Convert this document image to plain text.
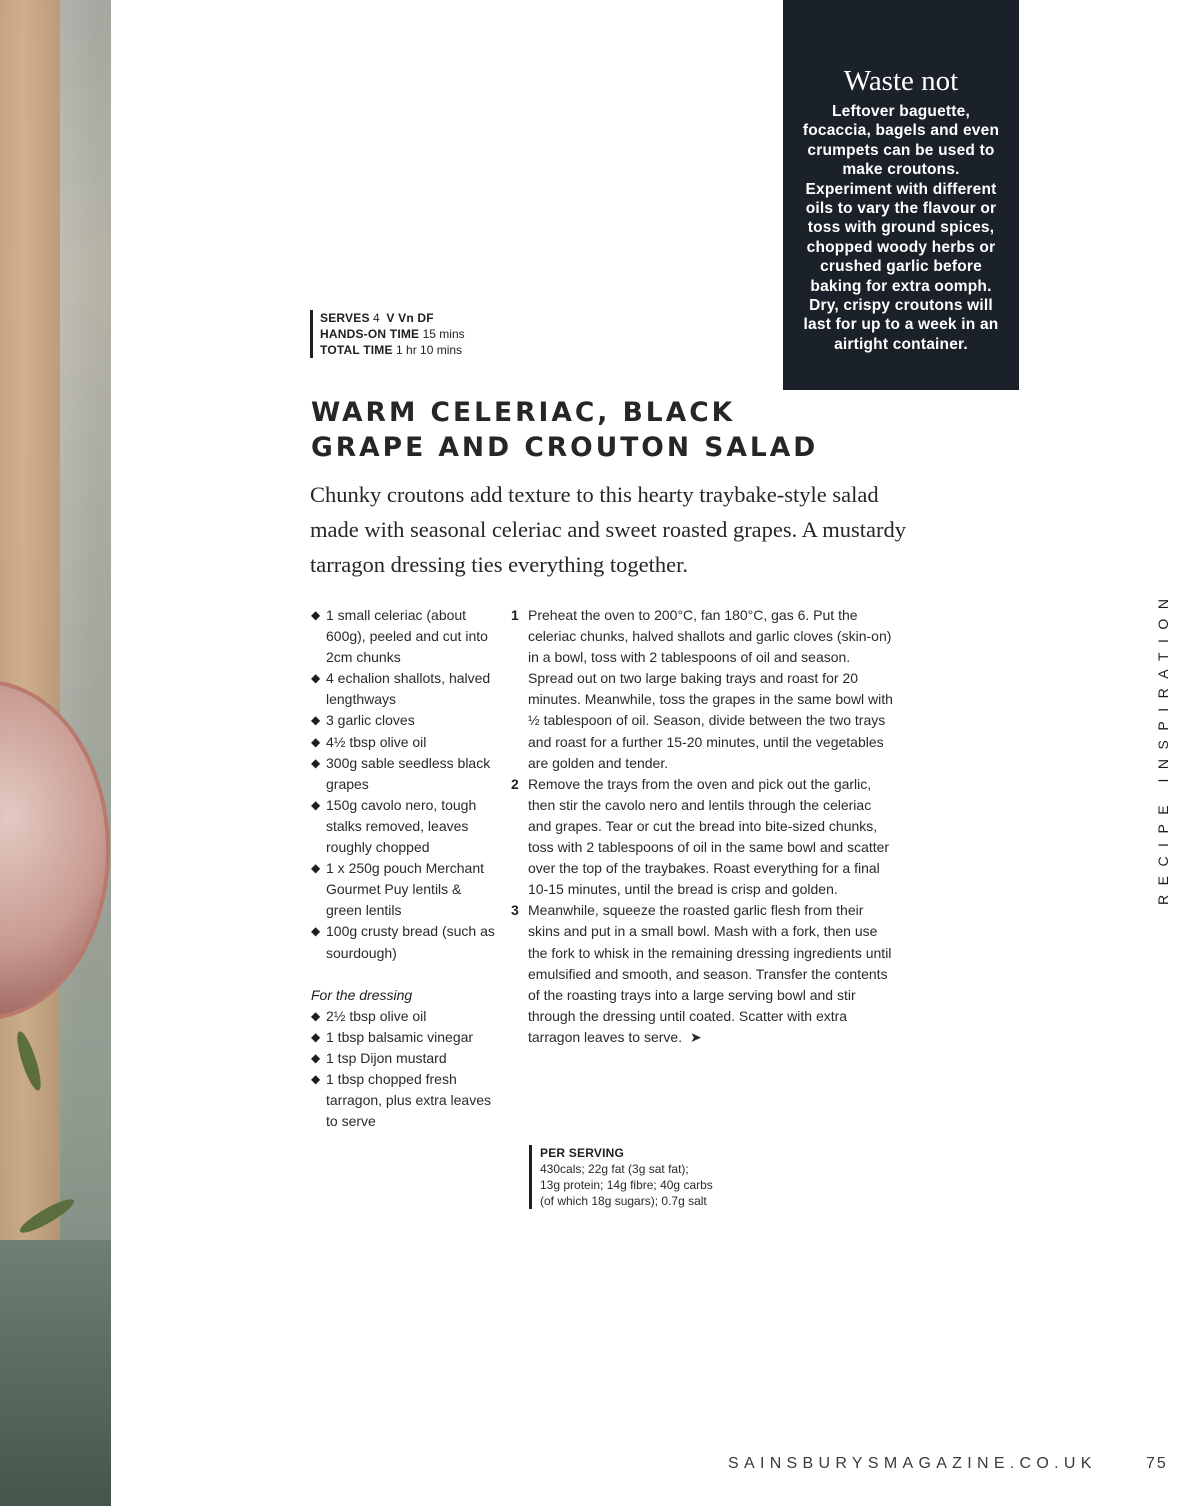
Waste not
Leftover baguette, focaccia, bagels and even crumpets can be used to make croutons. Experiment with different oils to vary the flavour or toss with ground spices, chopped woody herbs or crushed garlic before baking for extra oomph. Dry, crispy croutons will last for up to a week in an airtight container.
SERVES 4 V Vn DF
HANDS-ON TIME 15 mins
TOTAL TIME 1 hr 10 mins
WARM CELERIAC, BLACK
GRAPE AND CROUTON SALAD

Chunky croutons add texture to this hearty traybake-style salad made with seasonal celeriac and sweet roasted grapes. A mustardy tarragon dressing ties everything together.

◆ 1 small celeriac (about 600g), peeled and cut into 2cm chunks
◆ 4 echalion shallots, halved lengthways
◆ 3 garlic cloves
◆ 4½ tbsp olive oil
◆ 300g sable seedless black grapes
◆ 150g cavolo nero, tough stalks removed, leaves roughly chopped
◆ 1 x 250g pouch Merchant Gourmet Puy lentils & green lentils
◆ 100g crusty bread (such as sourdough)
For the dressing
◆ 2½ tbsp olive oil
◆ 1 tbsp balsamic vinegar
◆ 1 tsp Dijon mustard
◆ 1 tbsp chopped fresh tarragon, plus extra leaves to serve
1 Preheat the oven to 200°C, fan 180°C, gas 6. Put the celeriac chunks, halved shallots and garlic cloves (skin-on) in a bowl, toss with 2 tablespoons of oil and season. Spread out on two large baking trays and roast for 20 minutes. Meanwhile, toss the grapes in the same bowl with ½ tablespoon of oil. Season, divide between the two trays and roast for a further 15-20 minutes, until the vegetables are golden and tender.
2 Remove the trays from the oven and pick out the garlic, then stir the cavolo nero and lentils through the celeriac and grapes. Tear or cut the bread into bite-sized chunks, toss with 2 tablespoons of oil in the same bowl and scatter over the top of the traybakes. Roast everything for a final 10-15 minutes, until the bread is crisp and golden.
3 Meanwhile, squeeze the roasted garlic flesh from their skins and put in a small bowl. Mash with a fork, then use the fork to whisk in the remaining dressing ingredients until emulsified and smooth, and season. Transfer the contents of the roasting trays into a large serving bowl and stir through the dressing until coated. Scatter with extra tarragon leaves to serve. ➤
PER SERVING
430cals; 22g fat (3g sat fat);
13g protein; 14g fibre; 40g carbs
(of which 18g sugars); 0.7g salt
RECIPE INSPIRATION
SAINSBURYSMAGAZINE.CO.UK	75
